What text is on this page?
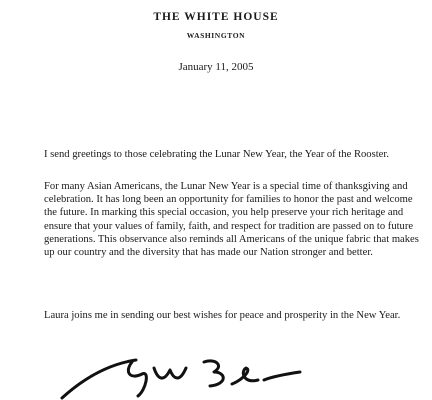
THE WHITE HOUSE
WASHINGTON
January 11, 2005

I send greetings to those celebrating the Lunar New Year, the Year of the Rooster.

For many Asian Americans, the Lunar New Year is a special time of thanksgiving and celebration. It has long been an opportunity for families to honor the past and welcome the future. In marking this special occasion, you help preserve your rich heritage and ensure that your values of family, faith, and respect for tradition are passed on to future generations. This observance also reminds all Americans of the unique fabric that makes up our country and the diversity that has made our Nation stronger and better.

Laura joins me in sending our best wishes for peace and prosperity in the New Year.
